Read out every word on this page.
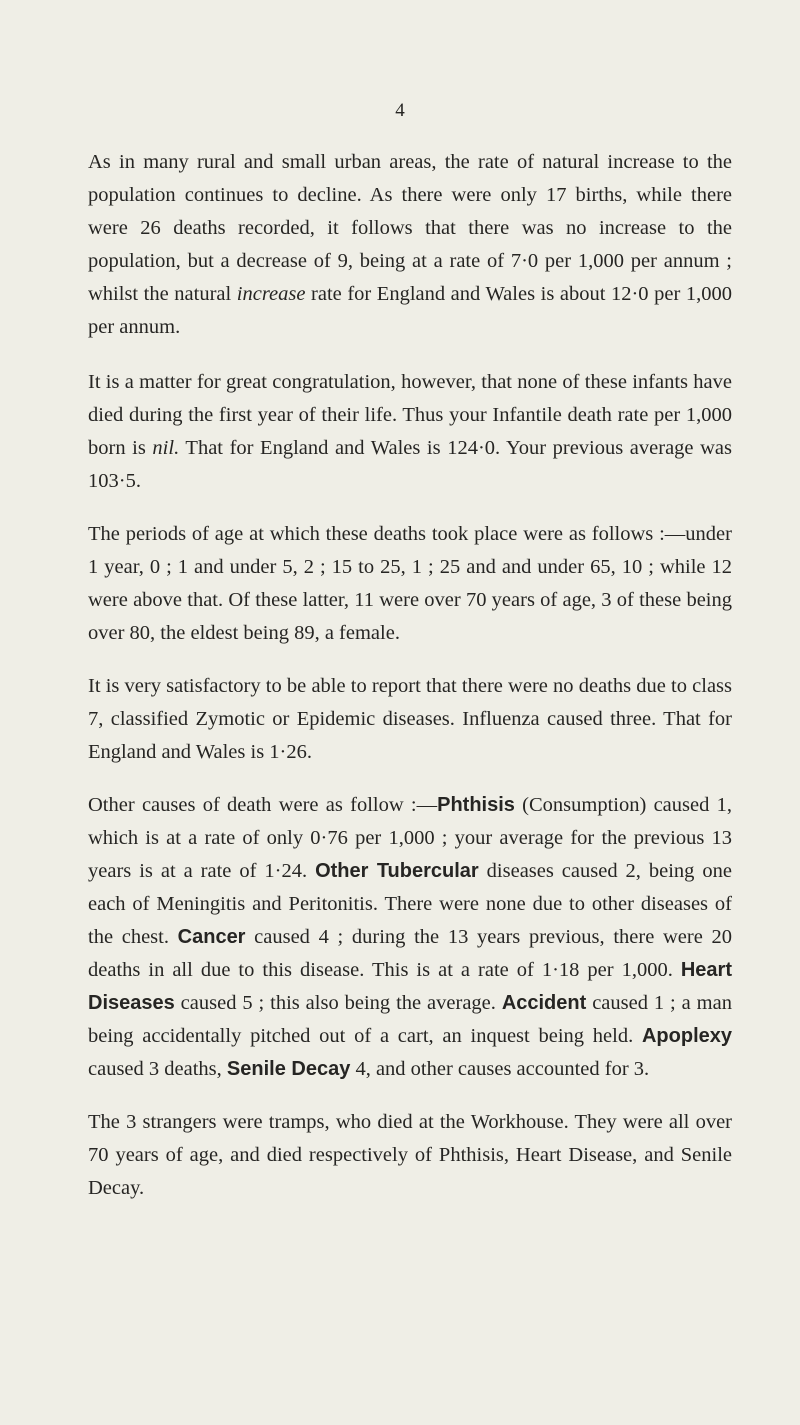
4

As in many rural and small urban areas, the rate of natural increase to the population continues to decline. As there were only 17 births, while there were 26 deaths recorded, it follows that there was no increase to the population, but a decrease of 9, being at a rate of 7·0 per 1,000 per annum ; whilst the natural increase rate for England and Wales is about 12·0 per 1,000 per annum.

It is a matter for great congratulation, however, that none of these infants have died during the first year of their life. Thus your Infantile death rate per 1,000 born is nil. That for England and Wales is 124·0. Your previous average was 103·5.

The periods of age at which these deaths took place were as follows :—under 1 year, 0 ; 1 and under 5, 2 ; 15 to 25, 1 ; 25 and and under 65, 10 ; while 12 were above that. Of these latter, 11 were over 70 years of age, 3 of these being over 80, the eldest being 89, a female.

It is very satisfactory to be able to report that there were no deaths due to class 7, classified Zymotic or Epidemic diseases. Influenza caused three. That for England and Wales is 1·26.

Other causes of death were as follow :—Phthisis (Consumption) caused 1, which is at a rate of only 0·76 per 1,000 ; your average for the previous 13 years is at a rate of 1·24. Other Tubercular diseases caused 2, being one each of Meningitis and Peritonitis. There were none due to other diseases of the chest. Cancer caused 4 ; during the 13 years previous, there were 20 deaths in all due to this disease. This is at a rate of 1·18 per 1,000. Heart Diseases caused 5 ; this also being the average. Accident caused 1 ; a man being accidentally pitched out of a cart, an inquest being held. Apoplexy caused 3 deaths, Senile Decay 4, and other causes accounted for 3.

The 3 strangers were tramps, who died at the Workhouse. They were all over 70 years of age, and died respectively of Phthisis, Heart Disease, and Senile Decay.
